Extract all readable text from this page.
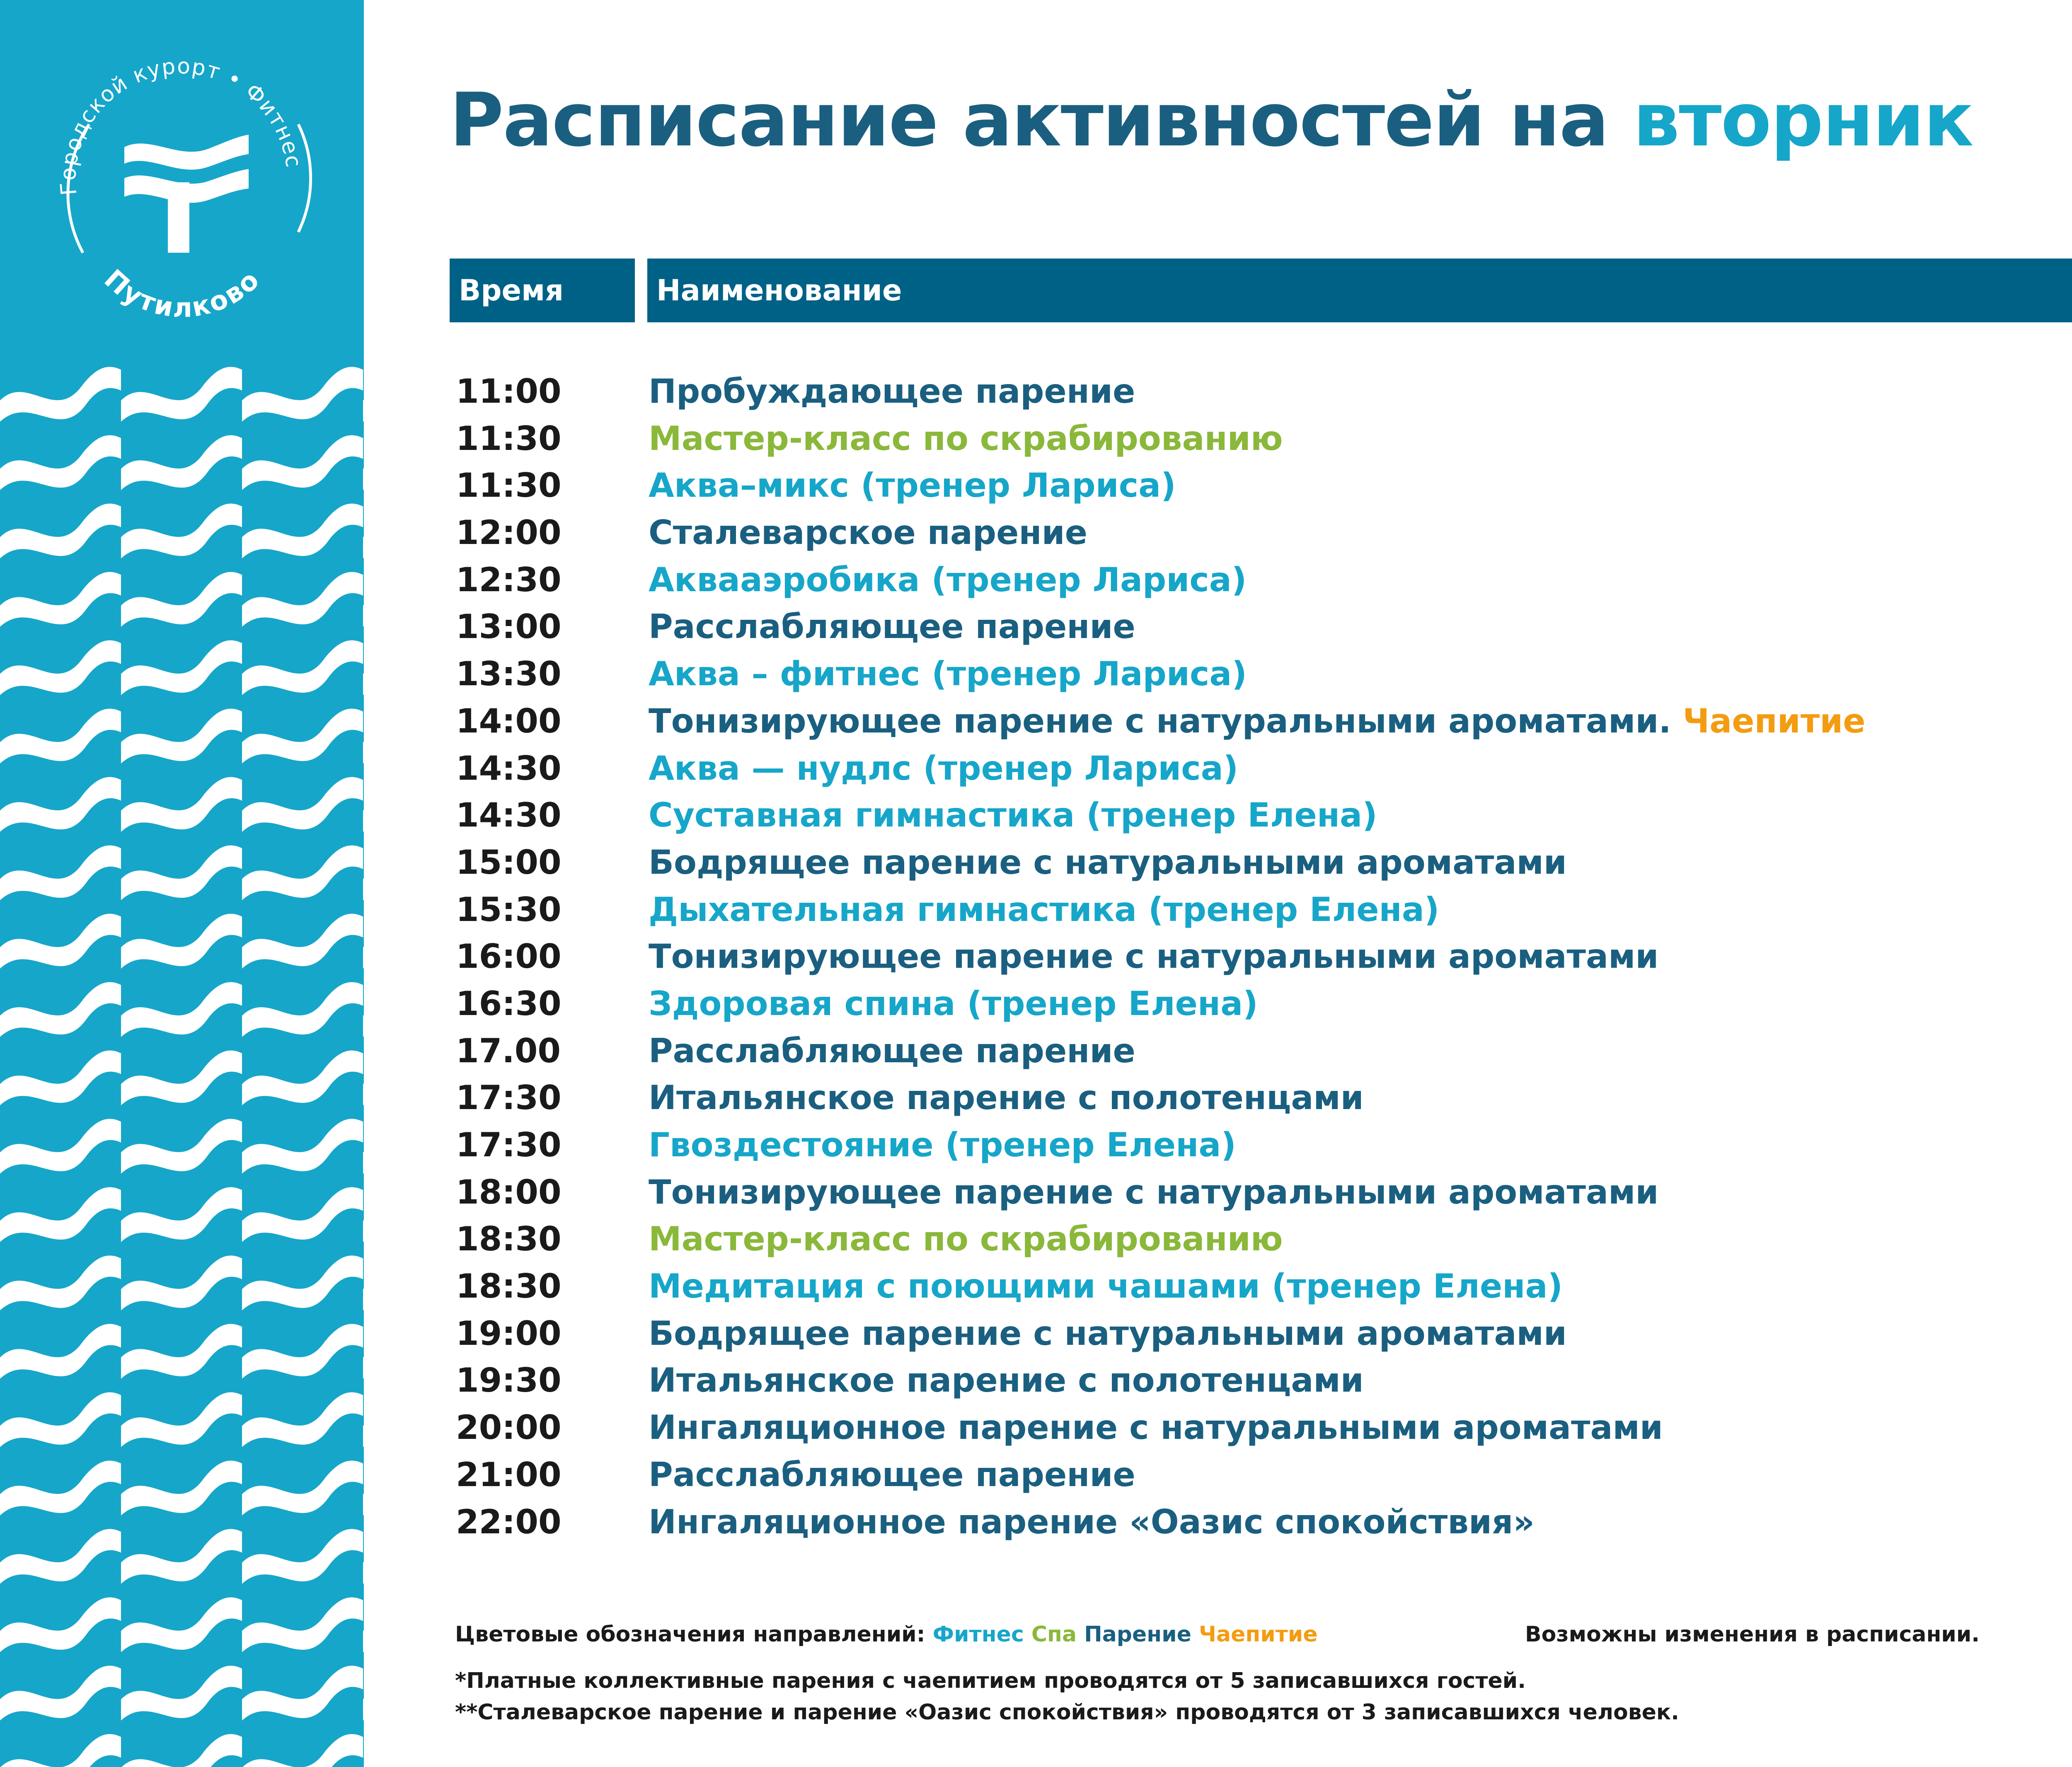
Городской курорт • Фитнес
Путилково
Расписание активностей на вторник
Время	Наименование
11:00	Пробуждающее парение
11:30	Мастер-класс по скрабированию
11:30	Аква–микс (тренер Лариса)
12:00	Сталеварское парение
12:30	Аквааэробика (тренер Лариса)
13:00	Расслабляющее парение
13:30	Аква – фитнес (тренер Лариса)
14:00	Тонизирующее парение с натуральными ароматами. Чаепитие
14:30	Аква — нудлс (тренер Лариса)
14:30	Суставная гимнастика (тренер Елена)
15:00	Бодрящее парение с натуральными ароматами
15:30	Дыхательная гимнастика (тренер Елена)
16:00	Тонизирующее парение с натуральными ароматами
16:30	Здоровая спина (тренер Елена)
17.00	Расслабляющее парение
17:30	Итальянское парение с полотенцами
17:30	Гвоздестояние (тренер Елена)
18:00	Тонизирующее парение с натуральными ароматами
18:30	Мастер-класс по скрабированию
18:30	Медитация с поющими чашами (тренер Елена)
19:00	Бодрящее парение с натуральными ароматами
19:30	Итальянское парение с полотенцами
20:00	Ингаляционное парение с натуральными ароматами
21:00	Расслабляющее парение
22:00	Ингаляционное парение «Оазис спокойствия»
Цветовые обозначения направлений: Фитнес Спа Парение Чаепитие	Возможны изменения в расписании.
*Платные коллективные парения с чаепитием проводятся от 5 записавшихся гостей.
**Сталеварское парение и парение «Оазис спокойствия» проводятся от 3 записавшихся человек.
